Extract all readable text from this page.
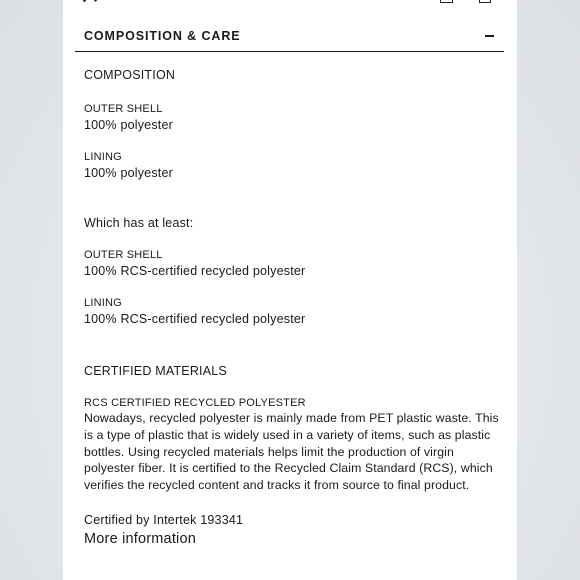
COMPOSITION & CARE
COMPOSITION
OUTER SHELL
100% polyester
LINING
100% polyester
Which has at least:
OUTER SHELL
100% RCS-certified recycled polyester
LINING
100% RCS-certified recycled polyester
CERTIFIED MATERIALS
RCS CERTIFIED RECYCLED POLYESTER
Nowadays, recycled polyester is mainly made from PET plastic waste. This
is a type of plastic that is widely used in a variety of items, such as plastic
bottles. Using recycled materials helps limit the production of virgin
polyester fiber. It is certified to the Recycled Claim Standard (RCS), which
verifies the recycled content and tracks it from source to final product.
Certified by Intertek 193341
More information
